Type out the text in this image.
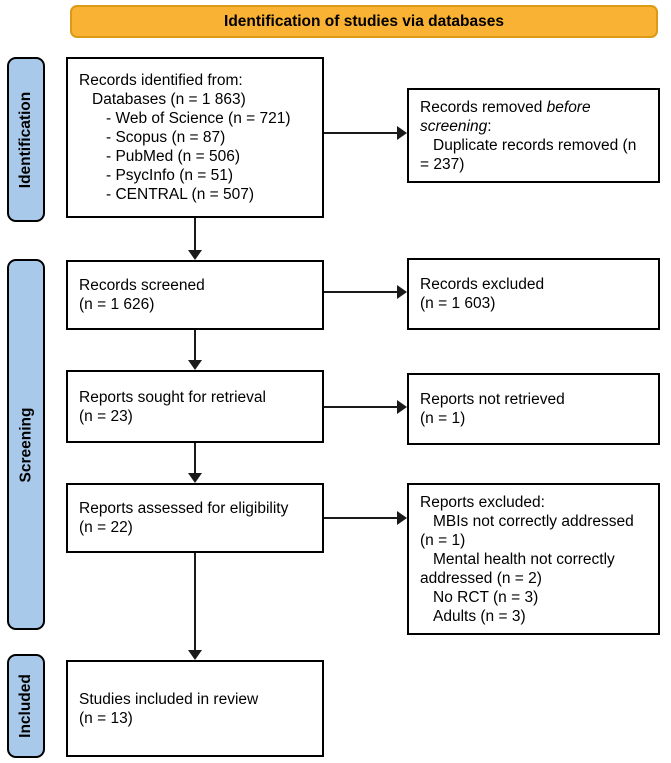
Identification of studies via databases
Identification
Screening
Included
Records identified from:
Databases (n = 1 863)
- Web of Science (n = 721)
- Scopus (n = 87)
- PubMed (n = 506)
- PsycInfo (n = 51)
- CENTRAL (n = 507)
Records screened
(n = 1 626)
Reports sought for retrieval
(n = 23)
Reports assessed for eligibility
(n = 22)
Studies included in review
(n = 13)
Records removed before
screening:
Duplicate records removed (n
= 237)
Records excluded
(n = 1 603)
Reports not retrieved
(n = 1)
Reports excluded:
MBIs not correctly addressed
(n = 1)
Mental health not correctly
addressed (n = 2)
No RCT (n = 3)
Adults (n = 3)
